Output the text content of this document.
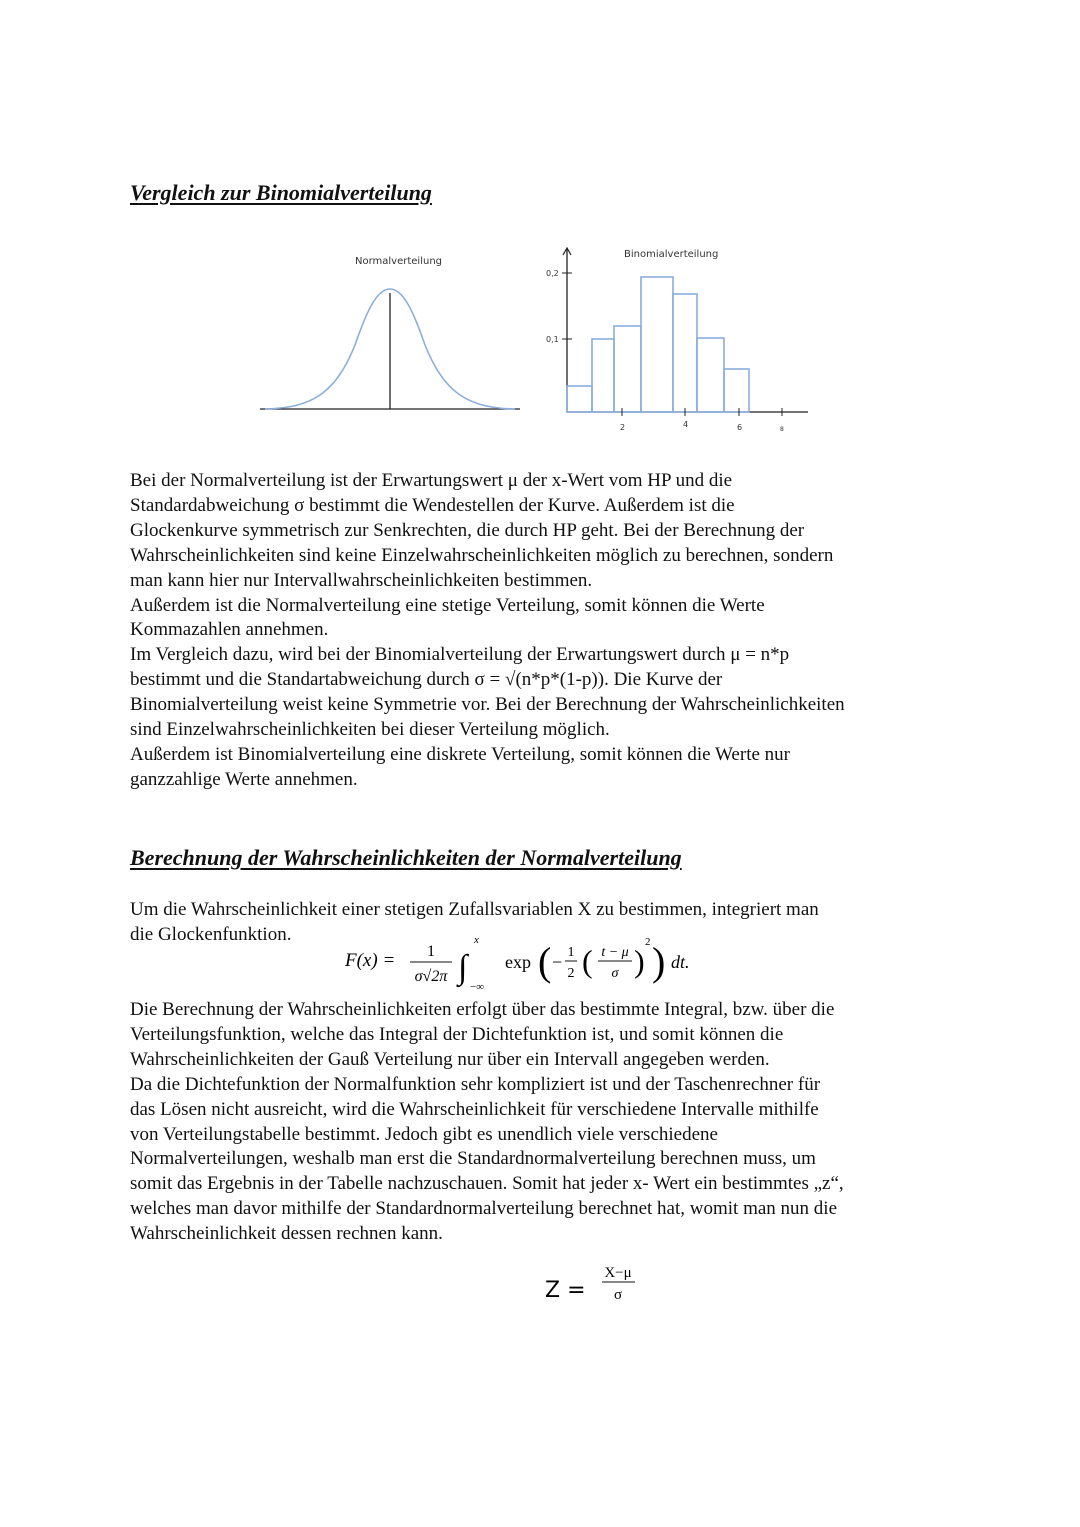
Vergleich zur Binomialverteilung
Normalverteilung
Binomialverteilung
0,2
0,1
2	4	6	8

Bei der Normalverteilung ist der Erwartungswert μ der x-Wert vom HP und die
Standardabweichung σ bestimmt die Wendestellen der Kurve. Außerdem ist die
Glockenkurve symmetrisch zur Senkrechten, die durch HP geht. Bei der Berechnung der
Wahrscheinlichkeiten sind keine Einzelwahrscheinlichkeiten möglich zu berechnen, sondern
man kann hier nur Intervallwahrscheinlichkeiten bestimmen.
Außerdem ist die Normalverteilung eine stetige Verteilung, somit können die Werte
Kommazahlen annehmen.
Im Vergleich dazu, wird bei der Binomialverteilung der Erwartungswert durch μ = n*p
bestimmt und die Standartabweichung durch σ = √(n*p*(1-p)). Die Kurve der
Binomialverteilung weist keine Symmetrie vor. Bei der Berechnung der Wahrscheinlichkeiten
sind Einzelwahrscheinlichkeiten bei dieser Verteilung möglich.
Außerdem ist Binomialverteilung eine diskrete Verteilung, somit können die Werte nur
ganzzahlige Werte annehmen.

Berechnung der Wahrscheinlichkeiten der Normalverteilung

Um die Wahrscheinlichkeit einer stetigen Zufallsvariablen X zu bestimmen, integriert man
die Glockenfunktion.

F(x) = 1
σ√2π ∫
x
−∞
exp ( − 1
2 ( t − μ
σ )
2 ) dt.

Die Berechnung der Wahrscheinlichkeiten erfolgt über das bestimmte Integral, bzw. über die
Verteilungsfunktion, welche das Integral der Dichtefunktion ist, und somit können die
Wahrscheinlichkeiten der Gauß Verteilung nur über ein Intervall angegeben werden.
Da die Dichtefunktion der Normalfunktion sehr kompliziert ist und der Taschenrechner für
das Lösen nicht ausreicht, wird die Wahrscheinlichkeit für verschiedene Intervalle mithilfe
von Verteilungstabelle bestimmt. Jedoch gibt es unendlich viele verschiedene
Normalverteilungen, weshalb man erst die Standardnormalverteilung berechnen muss, um
somit das Ergebnis in der Tabelle nachzuschauen. Somit hat jeder x- Wert ein bestimmtes „z“,
welches man davor mithilfe der Standardnormalverteilung berechnet hat, womit man nun die
Wahrscheinlichkeit dessen rechnen kann.

Z =
X−μ
σ
